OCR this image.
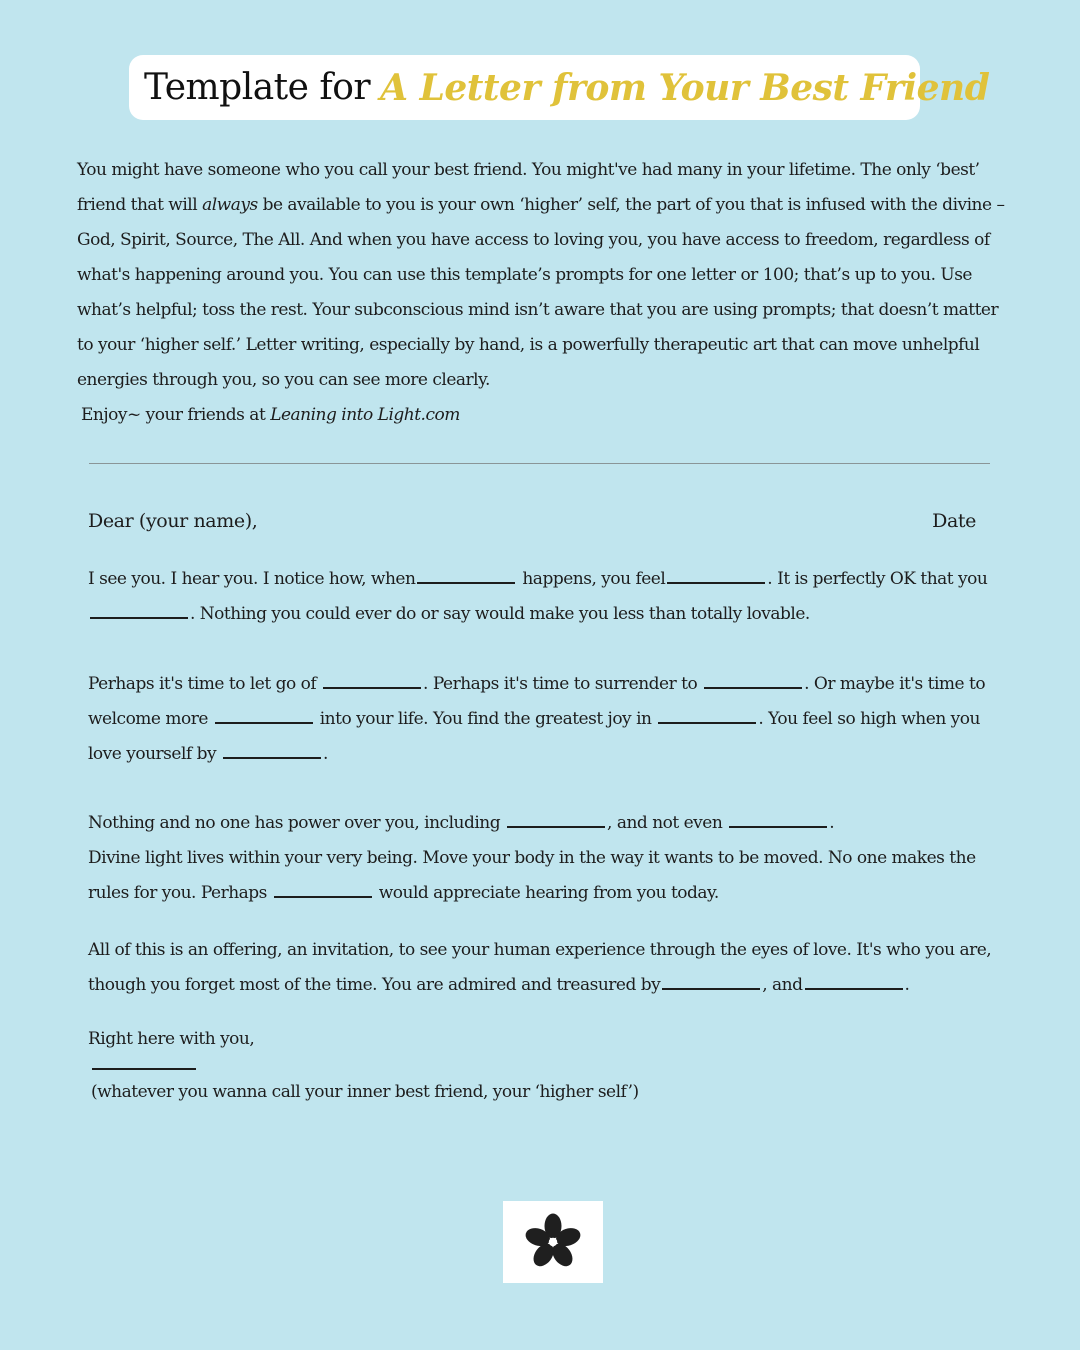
Template for A Letter from Your Best Friend

You might have someone who you call your best friend. You might've had many in your lifetime. The only ‘best’ friend that will always be available to you is your own ‘higher’ self, the part of you that is infused with the divine – God, Spirit, Source, The All. And when you have access to loving you, you have access to freedom, regardless of what's happening around you. You can use this template’s prompts for one letter or 100; that’s up to you. Use what’s helpful; toss the rest. Your subconscious mind isn’t aware that you are using prompts; that doesn’t matter to your ‘higher self.’ Letter writing, especially by hand, is a powerfully therapeutic art that can move unhelpful energies through you, so you can see more clearly.

Enjoy~ your friends at Leaning into Light.com

Dear (your name),	Date

I see you. I hear you. I notice how, when	happens, you feel	. It is perfectly OK that you . Nothing you could ever do or say would make you less than totally lovable.

Perhaps it's time to let go of	. Perhaps it's time to surrender to	. Or maybe it's time to welcome more	into your life. You find the greatest joy in	. You feel so high when you love yourself by	.

Nothing and no one has power over you, including	, and not even	.
Divine light lives within your very being. Move your body in the way it wants to be moved. No one makes the rules for you. Perhaps	would appreciate hearing from you today.

All of this is an offering, an invitation, to see your human experience through the eyes of love. It's who you are, though you forget most of the time. You are admired and treasured by	, and	.

Right here with you,

(whatever you wanna call your inner best friend, your ‘higher self’)
